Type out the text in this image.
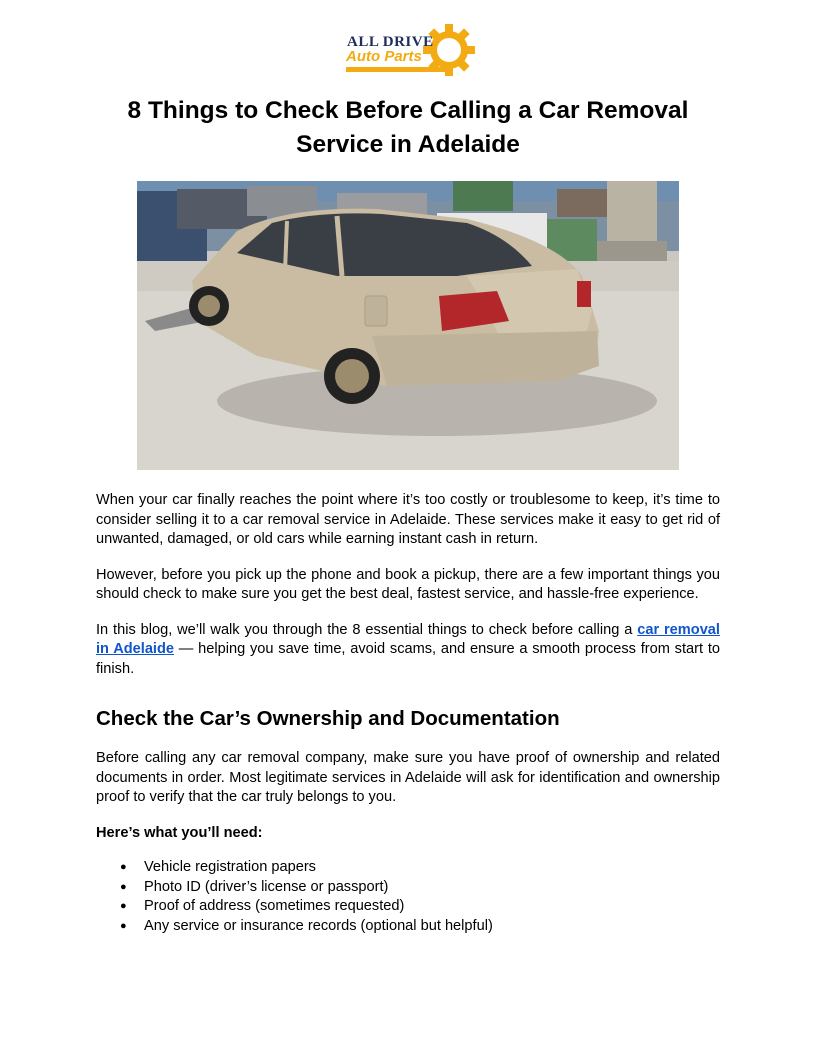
ALL DRIVE
Auto Parts
8 Things to Check Before Calling a Car Removal Service in Adelaide

When your car finally reaches the point where it’s too costly or troublesome to keep, it’s time to consider selling it to a car removal service in Adelaide. These services make it easy to get rid of unwanted, damaged, or old cars while earning instant cash in return.

However, before you pick up the phone and book a pickup, there are a few important things you should check to make sure you get the best deal, fastest service, and hassle-free experience.

In this blog, we’ll walk you through the 8 essential things to check before calling a car removal in Adelaide — helping you save time, avoid scams, and ensure a smooth process from start to finish.

Check the Car’s Ownership and Documentation

Before calling any car removal company, make sure you have proof of ownership and related documents in order. Most legitimate services in Adelaide will ask for identification and ownership proof to verify that the car truly belongs to you.

Here’s what you’ll need:
● Vehicle registration papers
● Photo ID (driver’s license or passport)
● Proof of address (sometimes requested)
● Any service or insurance records (optional but helpful)
